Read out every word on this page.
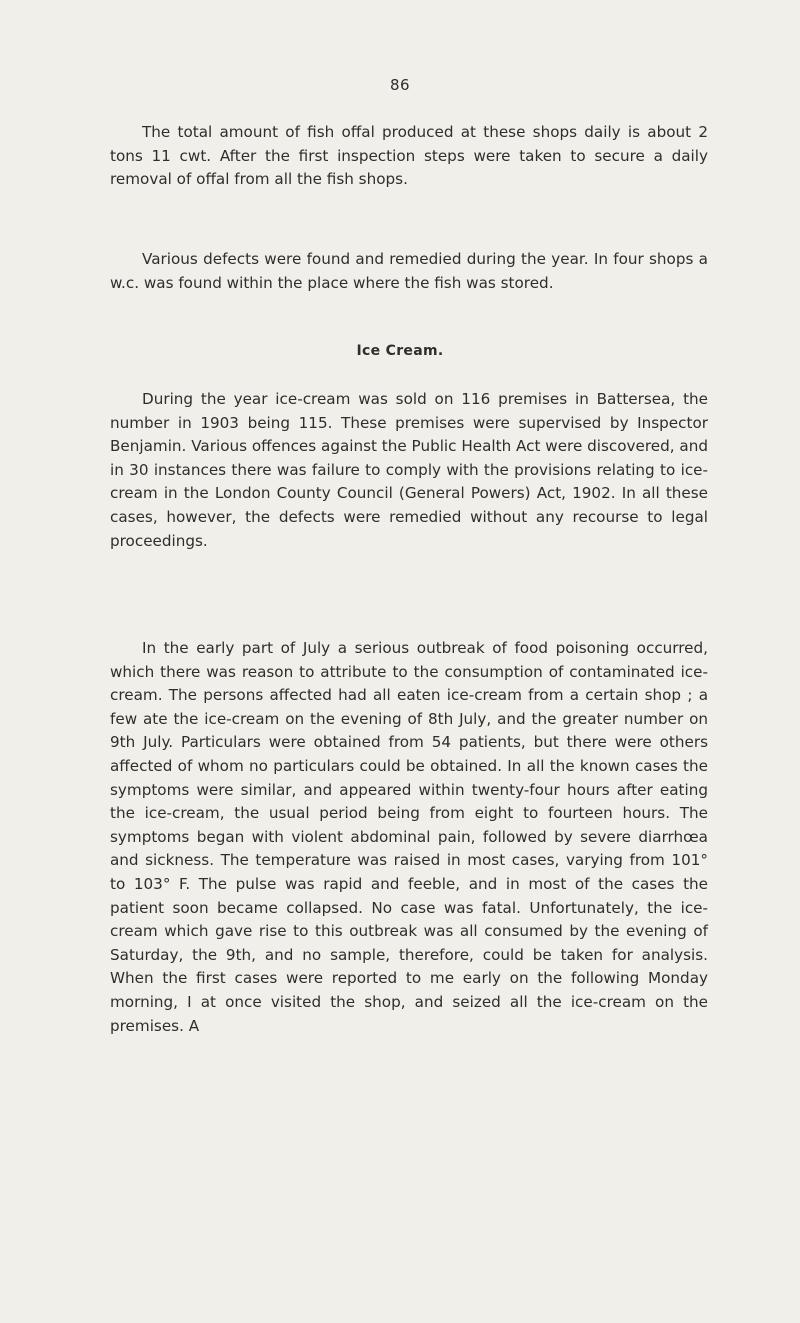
86

The total amount of fish offal produced at these shops daily is about 2 tons 11 cwt. After the first inspection steps were taken to secure a daily removal of offal from all the fish shops.

Various defects were found and remedied during the year. In four shops a w.c. was found within the place where the fish was stored.

Ice Cream.

During the year ice-cream was sold on 116 premises in Battersea, the number in 1903 being 115. These premises were supervised by Inspector Benjamin. Various offences against the Public Health Act were discovered, and in 30 instances there was failure to comply with the provisions relating to ice-cream in the London County Council (General Powers) Act, 1902. In all these cases, however, the defects were remedied without any recourse to legal proceedings.

In the early part of July a serious outbreak of food poisoning occurred, which there was reason to attribute to the consumption of contaminated ice-cream. The persons affected had all eaten ice-cream from a certain shop ; a few ate the ice-cream on the evening of 8th July, and the greater number on 9th July. Particulars were obtained from 54 patients, but there were others affected of whom no particulars could be obtained. In all the known cases the symptoms were similar, and appeared within twenty-four hours after eating the ice-cream, the usual period being from eight to fourteen hours. The symptoms began with violent abdominal pain, followed by severe diarrhœa and sickness. The temperature was raised in most cases, varying from 101° to 103° F. The pulse was rapid and feeble, and in most of the cases the patient soon became collapsed. No case was fatal. Unfortunately, the ice-cream which gave rise to this outbreak was all consumed by the evening of Saturday, the 9th, and no sample, therefore, could be taken for analysis. When the first cases were reported to me early on the following Monday morning, I at once visited the shop, and seized all the ice-cream on the premises. A
